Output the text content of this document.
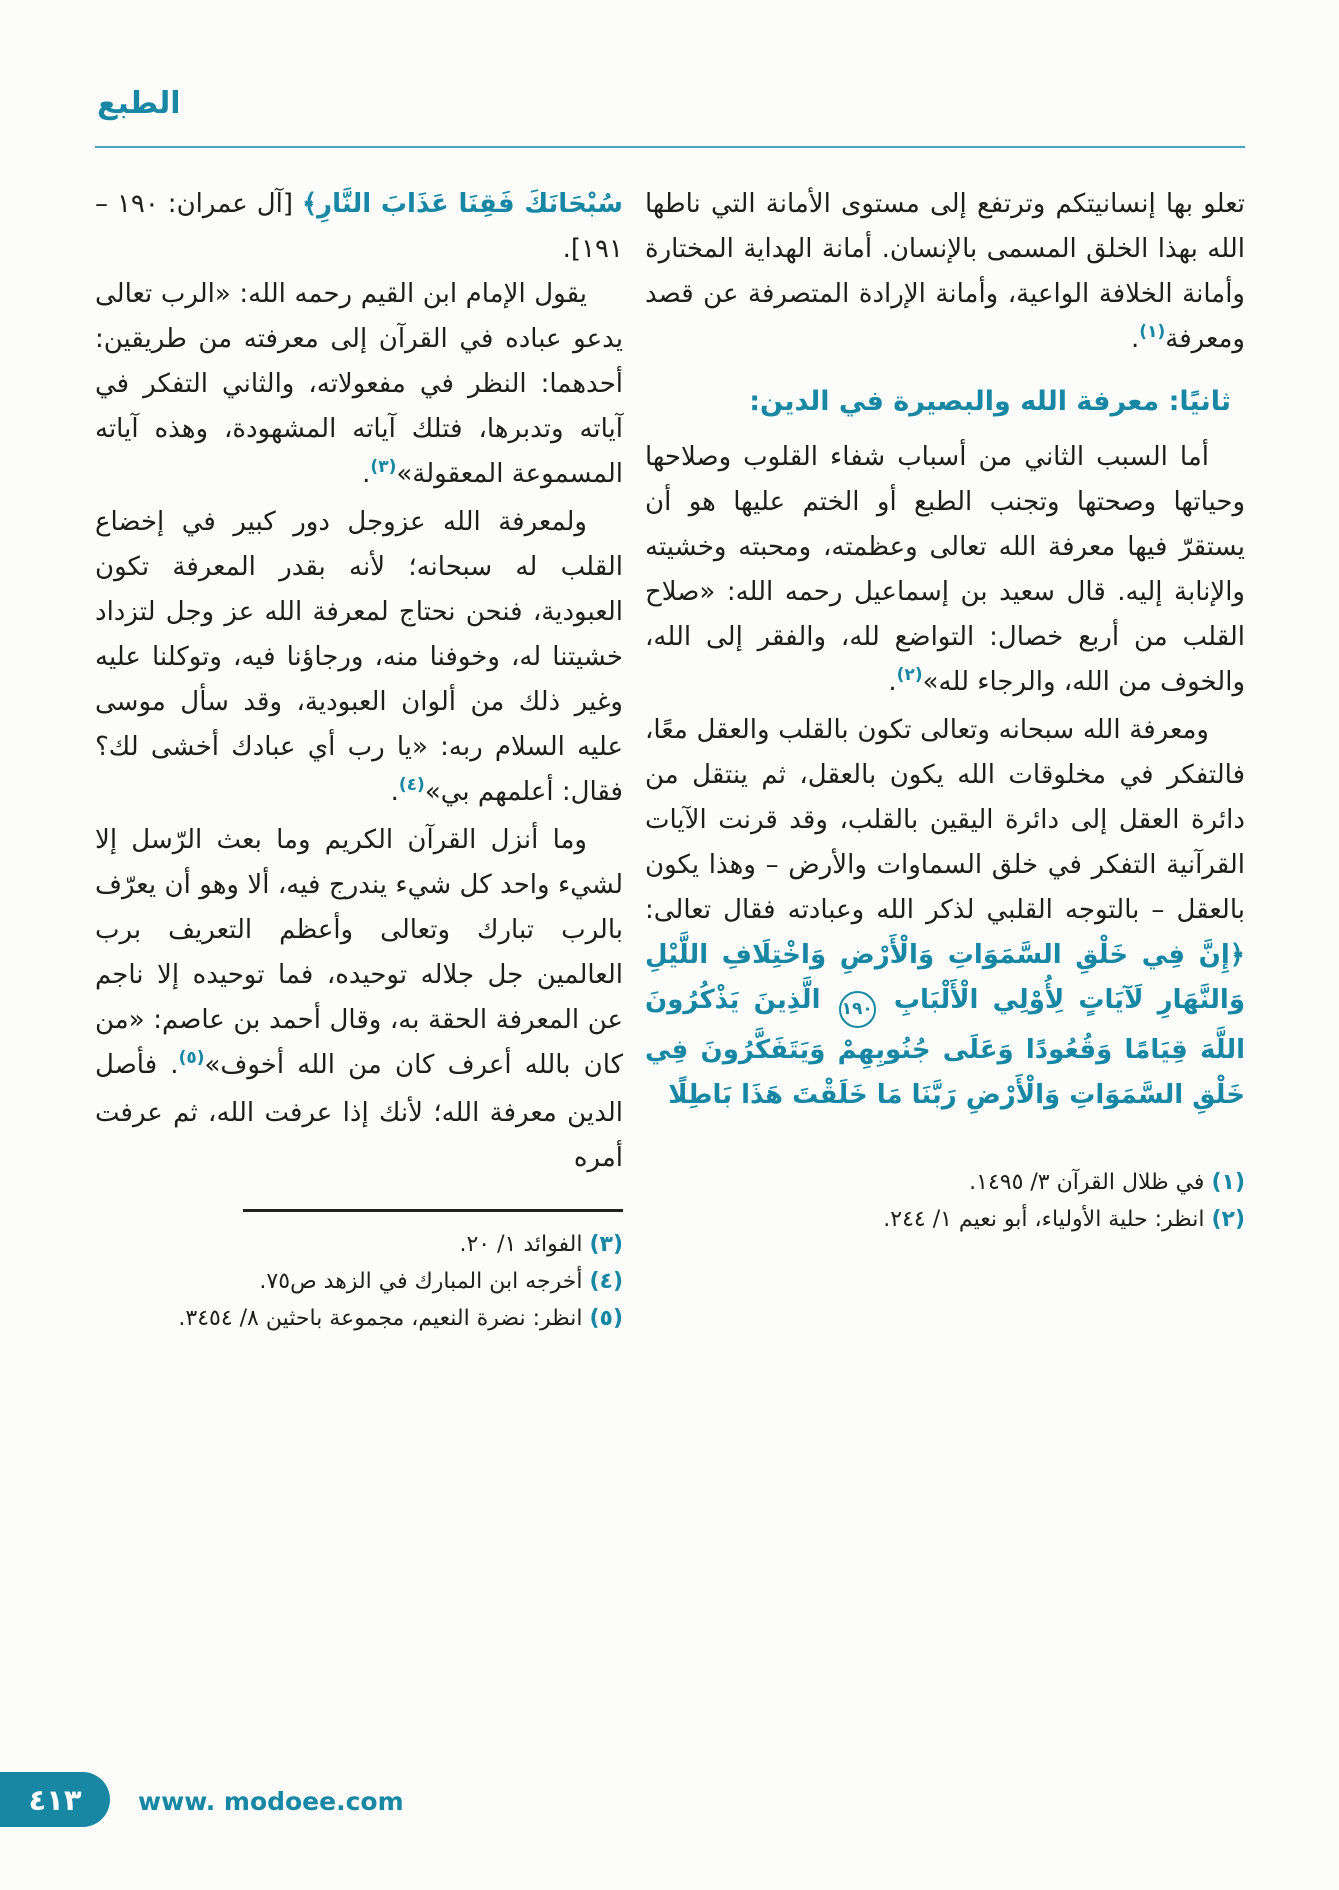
الطبع

تعلو بها إنسانيتكم وترتفع إلى مستوى الأمانة التي ناطها الله بهذا الخلق المسمى بالإنسان. أمانة الهداية المختارة وأمانة الخلافة الواعية، وأمانة الإرادة المتصرفة عن قصد ومعرفة$^{(١)}$.

ثانيًا: معرفة الله والبصيرة في الدين:

أما السبب الثاني من أسباب شفاء القلوب وصلاحها وحياتها وصحتها وتجنب الطبع أو الختم عليها هو أن يستقرّ فيها معرفة الله تعالى وعظمته، ومحبته وخشيته والإنابة إليه. قال سعيد بن إسماعيل رحمه الله: «صلاح القلب من أربع خصال: التواضع لله، والفقر إلى الله، والخوف من الله، والرجاء لله»$^{(٢)}$.

ومعرفة الله سبحانه وتعالى تكون بالقلب والعقل معًا، فالتفكر في مخلوقات الله يكون بالعقل، ثم ينتقل من دائرة العقل إلى دائرة اليقين بالقلب، وقد قرنت الآيات القرآنية التفكر في خلق السماوات والأرض – وهذا يكون بالعقل – بالتوجه القلبي لذكر الله وعبادته فقال تعالى: ﴿إِنَّ فِي خَلْقِ السَّمَوَاتِ وَالْأَرْضِ وَاخْتِلَافِ اللَّيْلِ وَالنَّهَارِ لَآيَاتٍ لِأُوْلِي الْأَلْبَابِ ١٩٠ الَّذِينَ يَذْكُرُونَ اللَّهَ قِيَامًا وَقُعُودًا وَعَلَى جُنُوبِهِمْ وَيَتَفَكَّرُونَ فِي خَلْقِ السَّمَوَاتِ وَالْأَرْضِ رَبَّنَا مَا خَلَقْتَ هَذَا بَاطِلًا

(١) في ظلال القرآن ٣/ ١٤٩٥.

(٢) انظر: حلية الأولياء، أبو نعيم ١/ ٢٤٤.

سُبْحَانَكَ فَقِنَا عَذَابَ النَّارِ﴾ [آل عمران: ١٩٠ – ١٩١].

يقول الإمام ابن القيم رحمه الله: «الرب تعالى يدعو عباده في القرآن إلى معرفته من طريقين: أحدهما: النظر في مفعولاته، والثاني التفكر في آياته وتدبرها، فتلك آياته المشهودة، وهذه آياته المسموعة المعقولة»$^{(٣)}$.

ولمعرفة الله عزوجل دور كبير في إخضاع القلب له سبحانه؛ لأنه بقدر المعرفة تكون العبودية، فنحن نحتاج لمعرفة الله عز وجل لتزداد خشيتنا له، وخوفنا منه، ورجاؤنا فيه، وتوكلنا عليه وغير ذلك من ألوان العبودية، وقد سأل موسى عليه السلام ربه: «يا رب أي عبادك أخشى لك؟ فقال: أعلمهم بي»$^{(٤)}$.

وما أنزل القرآن الكريم وما بعث الرّسل إلا لشيء واحد كل شيء يندرج فيه، ألا وهو أن يعرّف بالرب تبارك وتعالى وأعظم التعريف برب العالمين جل جلاله توحيده، فما توحيده إلا ناجم عن المعرفة الحقة به، وقال أحمد بن عاصم: «من كان بالله أعرف كان من الله أخوف»$^{(٥)}$. فأصل الدين معرفة الله؛ لأنك إذا عرفت الله، ثم عرفت أمره

(٣) الفوائد ١/ ٢٠.

(٤) أخرجه ابن المبارك في الزهد ص٧٥.

(٥) انظر: نضرة النعيم، مجموعة باحثين ٨/ ٣٤٥٤.

٤١٣ www. modoee.com
